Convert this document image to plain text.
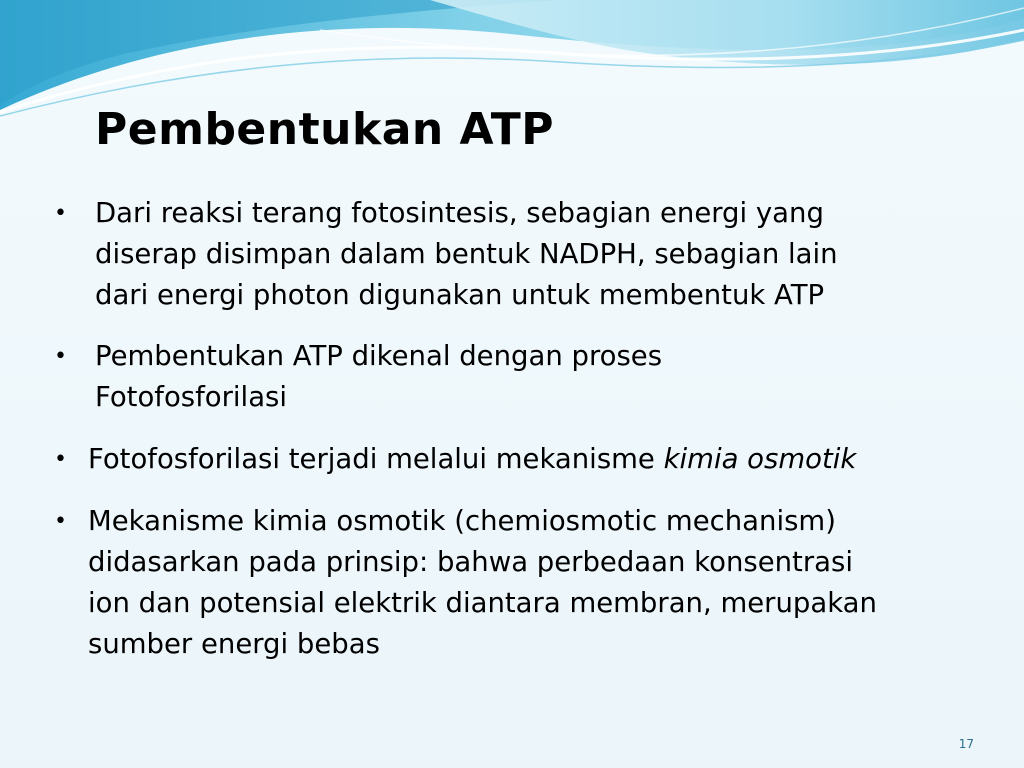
Pembentukan ATP
• Dari reaksi terang fotosintesis, sebagian energi yang
diserap disimpan dalam bentuk NADPH, sebagian lain
dari energi photon digunakan untuk membentuk ATP
• Pembentukan ATP dikenal dengan proses
Fotofosforilasi
• Fotofosforilasi terjadi melalui mekanisme kimia osmotik
• Mekanisme kimia osmotik (chemiosmotic mechanism)
didasarkan pada prinsip: bahwa perbedaan konsentrasi
ion dan potensial elektrik diantara membran, merupakan
sumber energi bebas
17
